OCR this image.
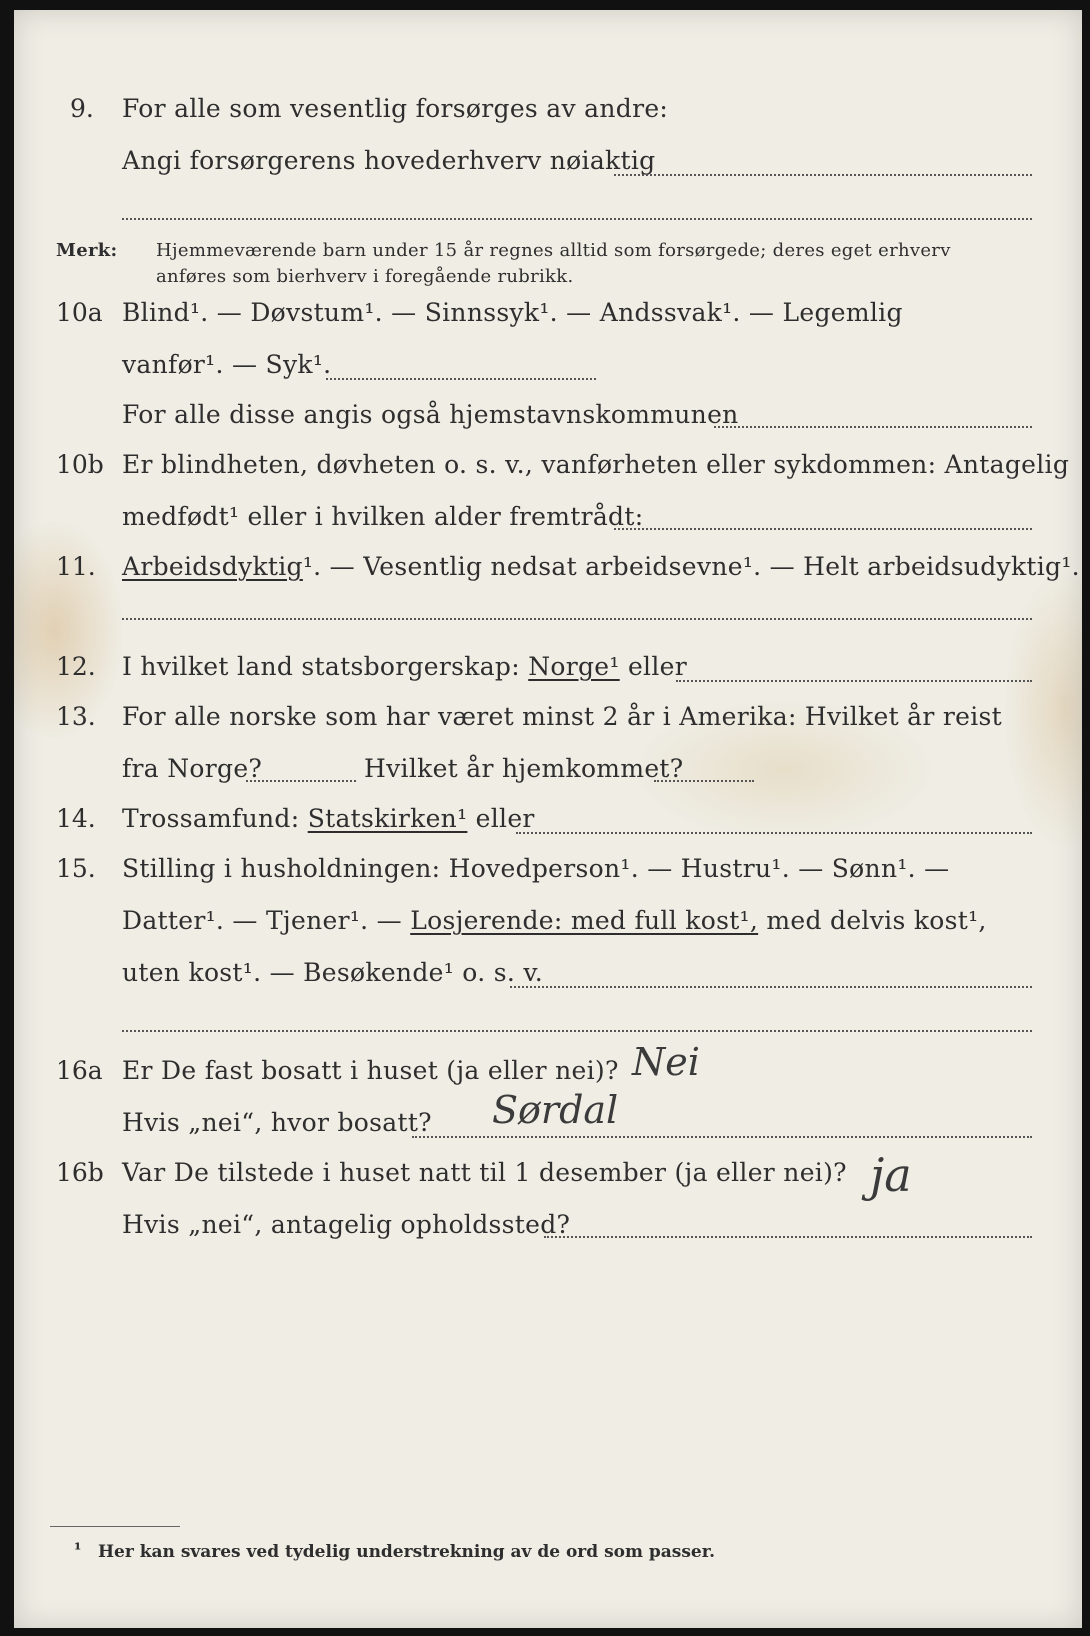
9. For alle som vesentlig forsørges av andre:
Angi forsørgerens hovederhverv nøiaktig
Merk: Hjemmeværende barn under 15 år regnes alltid som forsørgede; deres eget erhverv
anføres som bierhverv i foregående rubrikk.
10a Blind¹. — Døvstum¹. — Sinnssyk¹. — Andssvak¹. — Legemlig
vanfør¹. — Syk¹.
For alle disse angis også hjemstavnskommunen
10b Er blindheten, døvheten o. s. v., vanførheten eller sykdommen: Antagelig
medfødt¹ eller i hvilken alder fremtrådt:
11. Arbeidsdyktig¹. — Vesentlig nedsat arbeidsevne¹. — Helt arbeidsudyktig¹.
12. I hvilket land statsborgerskap: Norge¹ eller
13. For alle norske som har været minst 2 år i Amerika: Hvilket år reist
fra Norge?	Hvilket år hjemkommet?
14. Trossamfund: Statskirken¹ eller
15. Stilling i husholdningen: Hovedperson¹. — Hustru¹. — Sønn¹. —
Datter¹. — Tjener¹. — Losjerende: med full kost¹, med delvis kost¹,
uten kost¹. — Besøkende¹ o. s. v.
16a Er De fast bosatt i huset (ja eller nei)? Nei
Hvis „nei“, hvor bosatt? Sørdal
16b Var De tilstede i huset natt til 1 desember (ja eller nei)? ja
Hvis „nei“, antagelig opholdssted?
¹ Her kan svares ved tydelig understrekning av de ord som passer.
